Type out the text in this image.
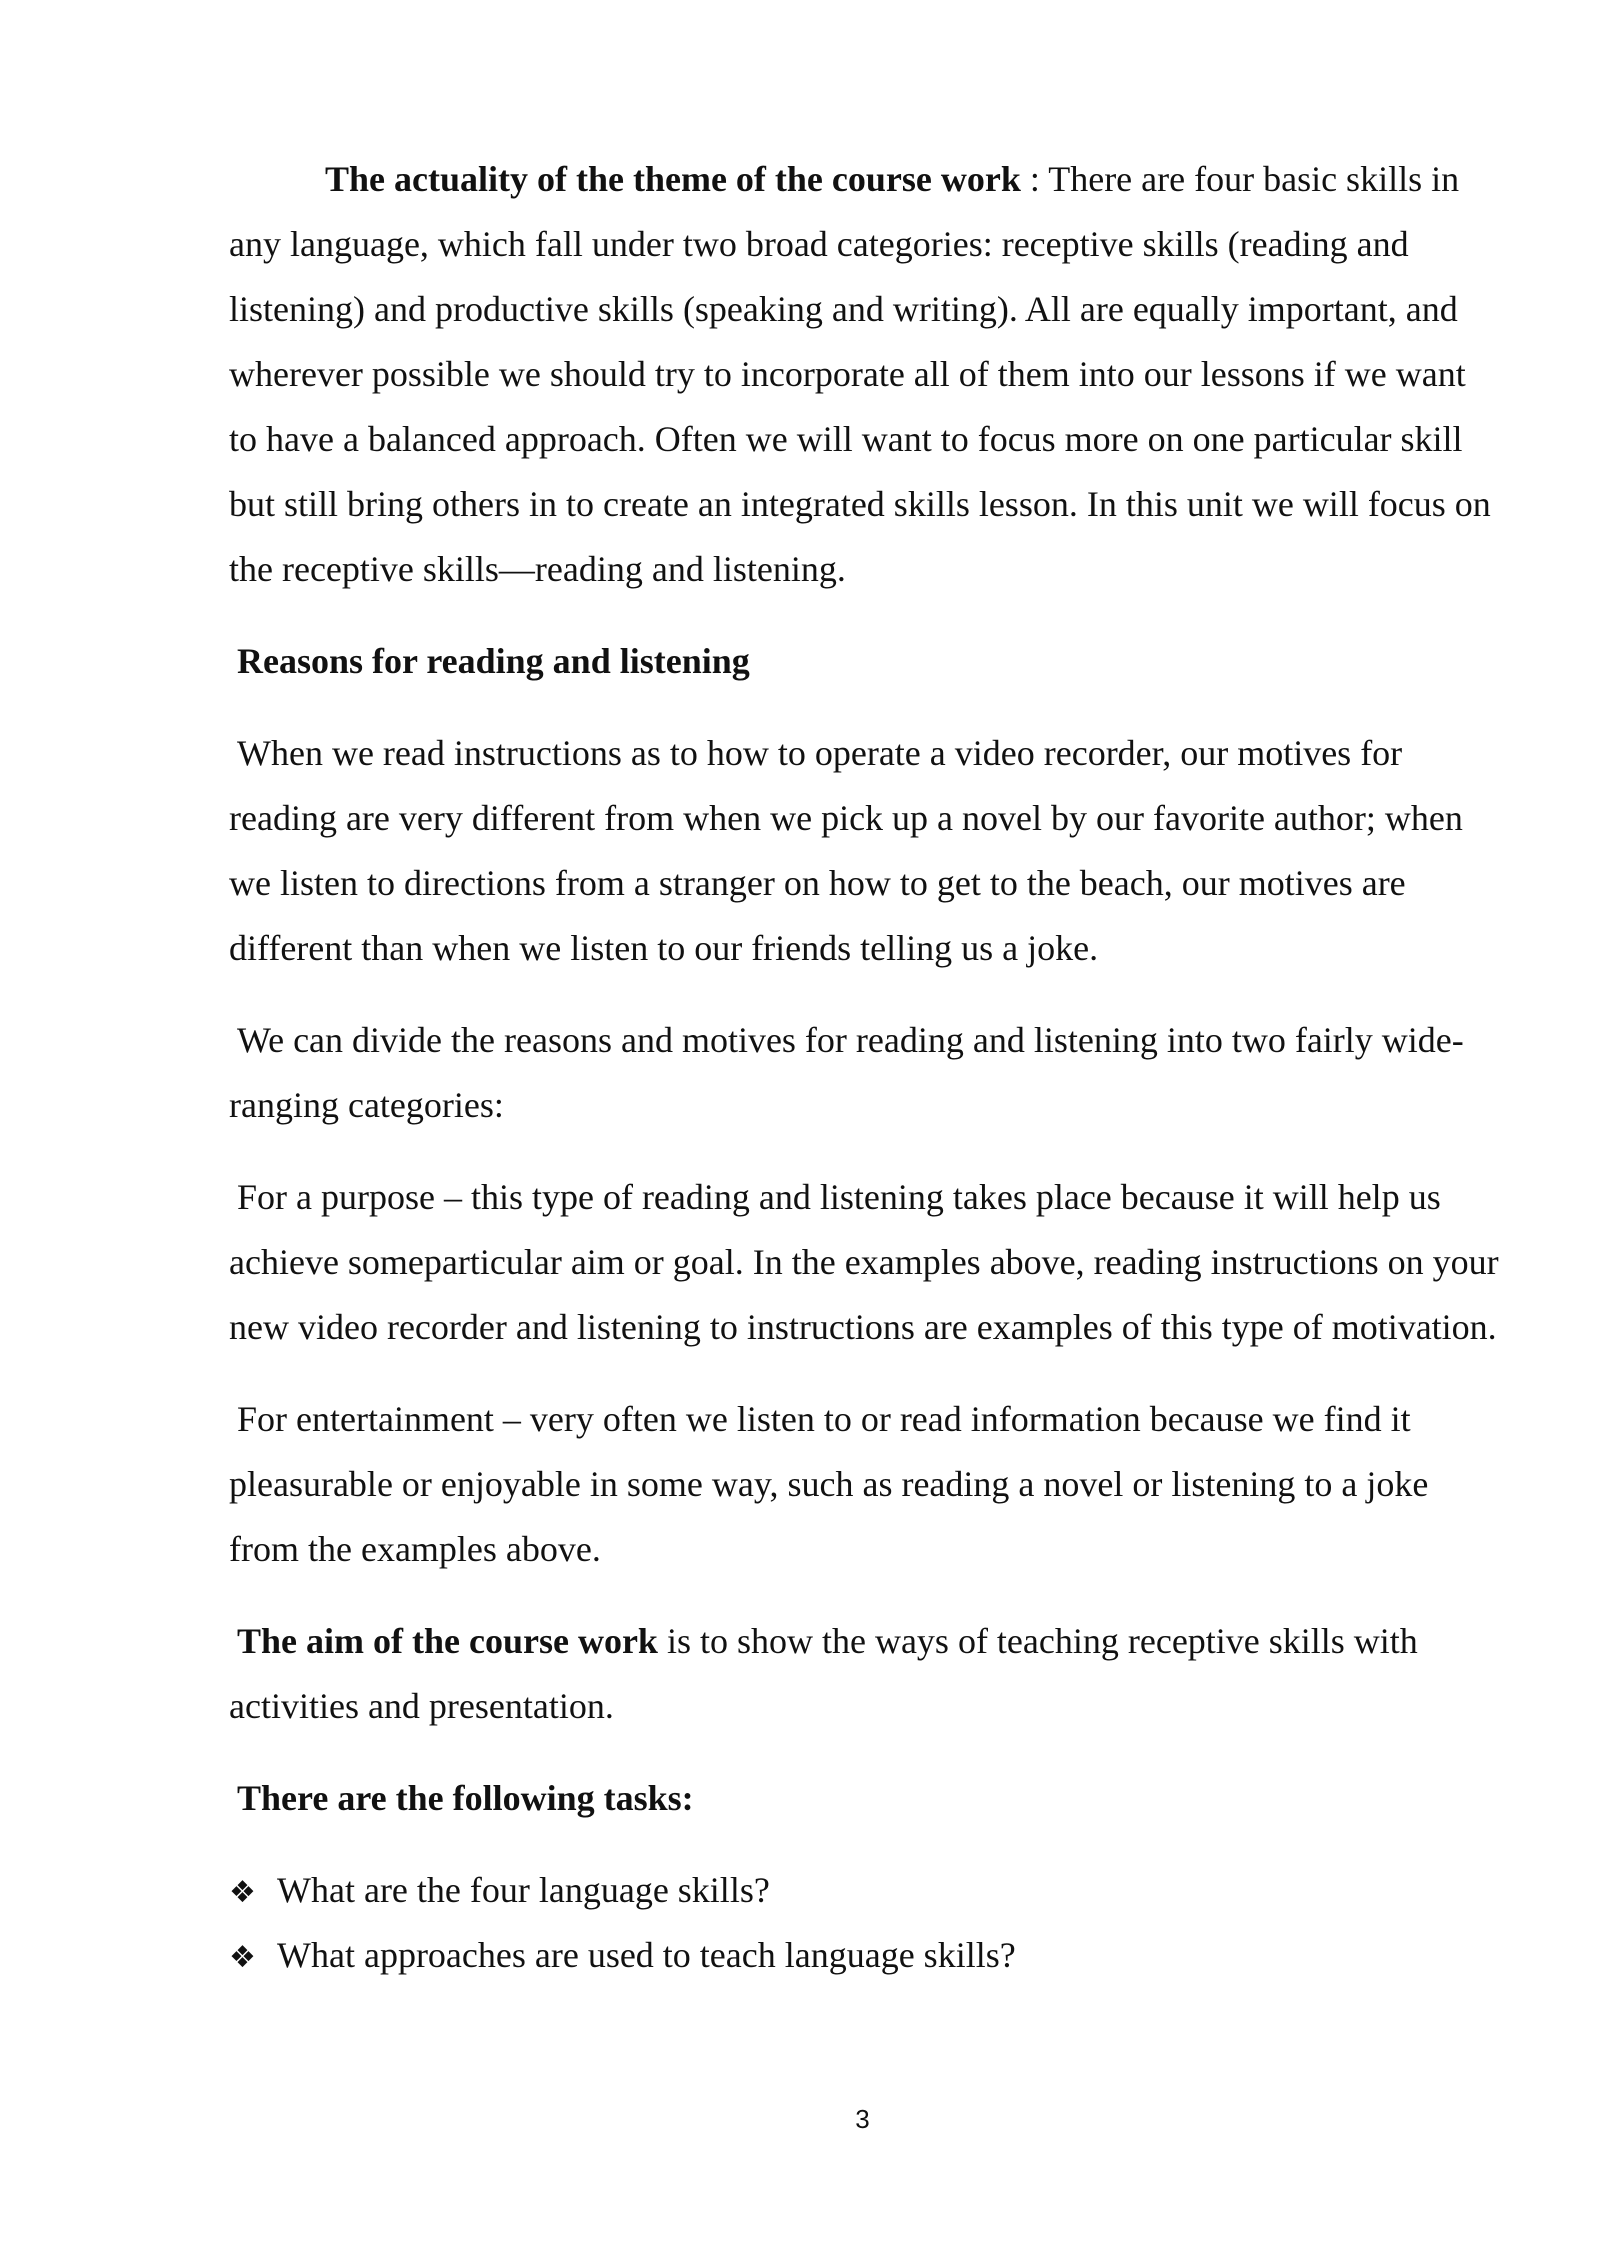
The actuality of the theme of the course work : There are four basic skills in any language, which fall under two broad categories: receptive skills (reading and listening) and productive skills (speaking and writing). All are equally important, and wherever possible we should try to incorporate all of them into our lessons if we want to have a balanced approach. Often we will want to focus more on one particular skill but still bring others in to create an integrated skills lesson. In this unit we will focus on the receptive skills—reading and listening.

Reasons for reading and listening

When we read instructions as to how to operate a video recorder, our motives for reading are very different from when we pick up a novel by our favorite author; when we listen to directions from a stranger on how to get to the beach, our motives are different than when we listen to our friends telling us a joke.

We can divide the reasons and motives for reading and listening into two fairly wide-ranging categories:

For a purpose – this type of reading and listening takes place because it will help us achieve someparticular aim or goal. In the examples above, reading instructions on your new video recorder and listening to instructions are examples of this type of motivation.

For entertainment – very often we listen to or read information because we find it pleasurable or enjoyable in some way, such as reading a novel or listening to a joke from the examples above.

The aim of the course work is to show the ways of teaching receptive skills with activities and presentation.

There are the following tasks:

❖ What are the four language skills?
❖ What approaches are used to teach language skills?
3
